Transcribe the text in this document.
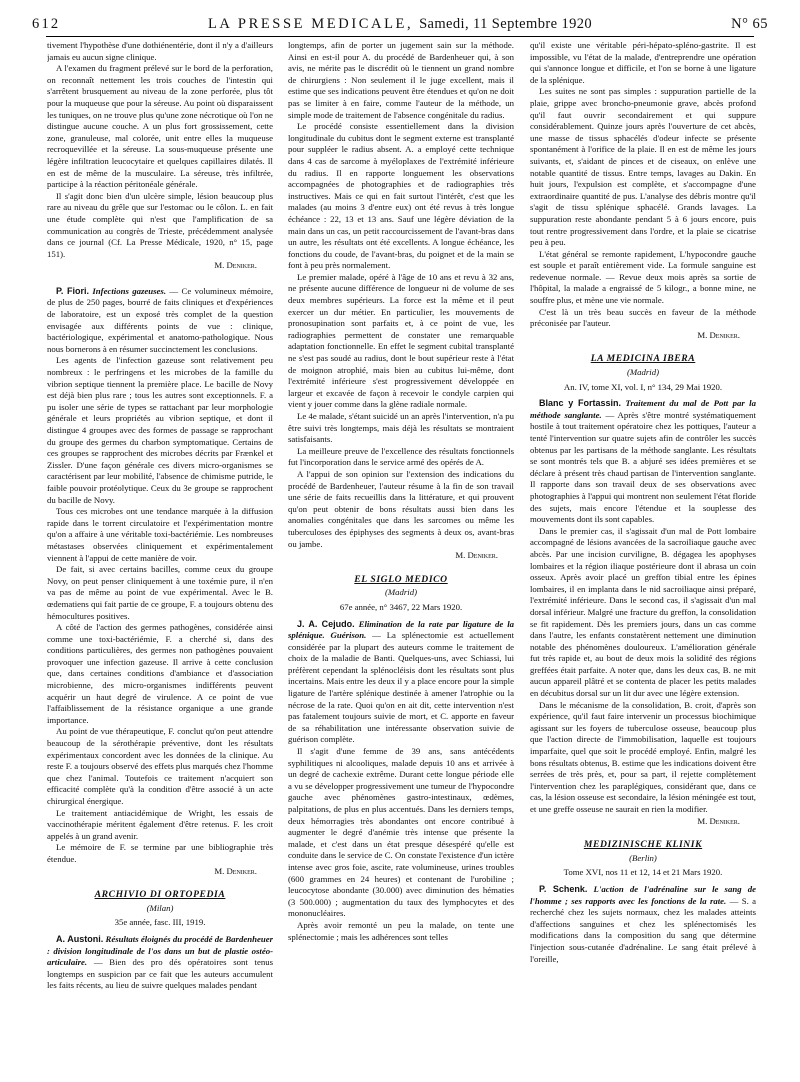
612	LA PRESSE MEDICALE, Samedi, 11 Septembre 1920	N° 65

tivement l'hypothèse d'une dothiénentérie, dont il n'y a d'ailleurs jamais eu aucun signe clinique.

A l'examen du fragment prélevé sur le bord de la perforation, on reconnaît nettement les trois couches de l'intestin qui s'arrêtent brusquement au niveau de la zone perforée, plus tôt pour la muqueuse que pour la séreuse. Au point où disparaissent les tuniques, on ne trouve plus qu'une zone nécrotique où l'on ne distingue aucune couche. A un plus fort grossissement, cette zone, granuleuse, mal colorée, unit entre elles la muqueuse recroquevillée et la séreuse. La sous-muqueuse présente une légère infiltration leucocytaire et quelques capillaires dilatés. Il en est de même de la musculaire. La séreuse, très infiltrée, participe à la réaction péritonéale générale.

Il s'agit donc bien d'un ulcère simple, lésion beaucoup plus rare au niveau du grêle que sur l'estomac ou le côlon. L. en fait une étude complète qui n'est que l'amplification de sa communication au congrès de Trieste, précédemment analysée dans ce journal (Cf. La Presse Médicale, 1920, n° 15, page 151).

M. Deniker.

P. Fiori. Infections gazeuses. — Ce volumineux mémoire, de plus de 250 pages, bourré de faits cliniques et d'expériences de laboratoire, est un exposé très complet de la question envisagée aux différents points de vue : clinique, bactériologique, expérimental et anatomo-pathologique. Nous nous bornerons à en résumer succinctement les conclusions.

Les agents de l'infection gazeuse sont relativement peu nombreux : le perfringens et les microbes de la famille du vibrion septique tiennent la première place. Le bacille de Novy est déjà bien plus rare ; tous les autres sont exceptionnels. F. a pu isoler une série de types se rattachant par leur morphologie générale et leurs propriétés au vibrion septique, et dont il distingue 4 groupes avec des formes de passage se rapprochant du groupe des germes du charbon symptomatique. Certains de ces groupes se rapprochent des microbes décrits par Frænkel et Zissler. D'une façon générale ces divers micro-organismes se caractérisent par leur mobilité, l'absence de chimisme putride, le faible pouvoir protéolytique. Ceux du 3e groupe se rapprochent du bacille de Novy.

Tous ces microbes ont une tendance marquée à la diffusion rapide dans le torrent circulatoire et l'expérimentation montre qu'on a affaire à une véritable toxi-bactériémie. Les nombreuses métastases observées cliniquement et expérimentalement viennent à l'appui de cette manière de voir.

De fait, si avec certains bacilles, comme ceux du groupe Novy, on peut penser cliniquement à une toxémie pure, il n'en va pas de même au point de vue expérimental. Avec le B. œdematiens qui fait partie de ce groupe, F. a toujours obtenu des hémocultures positives.

A côté de l'action des germes pathogènes, considérée ainsi comme une toxi-bactériémie, F. a cherché si, dans des conditions particulières, des germes non pathogènes pouvaient provoquer une infection gazeuse. Il arrive à cette conclusion que, dans certaines conditions d'ambiance et d'association microbienne, des micro-organismes indifférents peuvent acquérir un haut degré de virulence. A ce point de vue l'affaiblissement de la résistance organique a une grande importance.

Au point de vue thérapeutique, F. conclut qu'on peut attendre beaucoup de la sérothérapie préventive, dont les résultats expérimentaux concordent avec les données de la clinique. Au reste F. a toujours observé des effets plus marqués chez l'homme que chez l'animal. Toutefois ce traitement n'acquiert son efficacité complète qu'à la condition d'être associé à un acte chirurgical énergique.

Le traitement antiacidémique de Wright, les essais de vaccinothérapie méritent également d'être retenus. F. les croit appelés à un grand avenir.

Le mémoire de F. se termine par une bibliographie très étendue.

M. Deniker.
ARCHIVIO DI ORTOPEDIA
(Milan)
35e année, fasc. III, 1919.

A. Austoni. Résultats éloignés du procédé de Bardenheuer : division longitudinale de l'os dans un but de plastie ostéo-articulaire. — Bien des pro dés opératoires sont tenus longtemps en suspicion par ce fait que les auteurs accumulent les faits récents, au lieu de suivre quelques malades pendant

longtemps, afin de porter un jugement sain sur la méthode. Ainsi en est-il pour A. du procédé de Bardenheuer qui, à son avis, ne mérite pas le discrédit où le tiennent un grand nombre de chirurgiens : Non seulement il le juge excellent, mais il estime que ses indications peuvent être étendues et qu'on ne doit pas se limiter à en faire, comme l'auteur de la méthode, un simple mode de traitement de l'absence congénitale du radius.

Le procédé consiste essentiellement dans la division longitudinale du cubitus dont le segment externe est transplanté pour suppléer le radius absent. A. a employé cette technique dans 4 cas de sarcome à myéloplaxes de l'extrémité inférieure du radius. Il en rapporte longuement les observations accompagnées de photographies et de radiographies très instructives. Mais ce qui en fait surtout l'intérêt, c'est que les malades (au moins 3 d'entre eux) ont été revus à très longue échéance : 22, 13 et 13 ans. Sauf une légère déviation de la main dans un cas, un petit raccourcissement de l'avant-bras dans un autre, les résultats ont été excellents. A longue échéance, les fonctions du coude, de l'avant-bras, du poignet et de la main se font à peu près normalement.

Le premier malade, opéré à l'âge de 10 ans et revu à 32 ans, ne présente aucune différence de longueur ni de volume de ses deux membres supérieurs. La force est la même et il peut exercer un dur métier. En particulier, les mouvements de pronosupination sont parfaits et, à ce point de vue, les radiographies permettent de constater une remarquable adaptation fonctionnelle. En effet le segment cubital transplanté ne s'est pas soudé au radius, dont le bout supérieur reste à l'état de moignon atrophié, mais bien au cubitus lui-même, dont l'extrémité inférieure s'est progressivement développée en largeur et excavée de façon à recevoir le condyle carpien qui vient y jouer comme dans la glène radiale normale.

Le 4e malade, s'étant suicidé un an après l'intervention, n'a pu être suivi très longtemps, mais déjà les résultats se montraient satisfaisants.

La meilleure preuve de l'excellence des résultats fonctionnels fut l'incorporation dans le service armé des opérés de A.

A l'appui de son opinion sur l'extension des indications du procédé de Bardenheuer, l'auteur résume à la fin de son travail une série de faits recueillis dans la littérature, et qui prouvent qu'on peut obtenir de bons résultats aussi bien dans les anomalies congénitales que dans les sarcomes ou même les tuberculoses des épiphyses des segments à deux os, avant-bras ou jambe.

M. Deniker.
EL SIGLO MEDICO
(Madrid)
67e année, n° 3467, 22 Mars 1920.

J. A. Cejudo. Elimination de la rate par ligature de la splénique. Guérison. — La splénectomie est actuellement considérée par la plupart des auteurs comme le traitement de choix de la maladie de Banti. Quelques-uns, avec Schiassi, lui préfèrent cependant la splénocléisis dont les résultats sont plus incertains. Mais entre les deux il y a place encore pour la simple ligature de l'artère splénique destinée à amener l'atrophie ou la nécrose de la rate. Quoi qu'on en ait dit, cette intervention n'est pas fatalement toujours suivie de mort, et C. apporte en faveur de sa réhabilitation une intéressante observation suivie de guérison complète.

Il s'agit d'une femme de 39 ans, sans antécédents syphilitiques ni alcooliques, malade depuis 10 ans et arrivée à un degré de cachexie extrême. Durant cette longue période elle a vu se développer progressivement une tumeur de l'hypocondre gauche avec phénomènes gastro-intestinaux, œdèmes, palpitations, de plus en plus accentués. Dans les derniers temps, deux hémorragies très abondantes ont encore contribué à augmenter le degré d'anémie très intense que présente la malade, et c'est dans un état presque désespéré qu'elle est conduite dans le service de C. On constate l'existence d'un ictère intense avec gros foie, ascite, rate volumineuse, urines troubles (600 grammes en 24 heures) et contenant de l'urobiline ; leucocytose abondante (30.000) avec diminution des hématies (3 500.000) ; augmentation du taux des lymphocytes et des mononucléaires.

Après avoir remonté un peu la malade, on tente une splénectomie ; mais les adhérences sont telles

qu'il existe une véritable péri-hépato-spléno-gastrite. Il est impossible, vu l'état de la malade, d'entreprendre une opération qui s'annonce longue et difficile, et l'on se borne à une ligature de la splénique.

Les suites ne sont pas simples : suppuration partielle de la plaie, grippe avec broncho-pneumonie grave, abcès profond qu'il faut ouvrir secondairement et qui suppure considérablement. Quinze jours après l'ouverture de cet abcès, une masse de tissus sphacélés d'odeur infecte se présente spontanément à l'orifice de la plaie. Il en est de même les jours suivants, et, s'aidant de pinces et de ciseaux, on enlève une notable quantité de tissus. Entre temps, lavages au Dakin. En huit jours, l'expulsion est complète, et s'accompagne d'une extraordinaire quantité de pus. L'analyse des débris montre qu'il s'agit de tissu splénique sphacélé. Grands lavages. La suppuration reste abondante pendant 5 à 6 jours encore, puis tout rentre progressivement dans l'ordre, et la plaie se cicatrise peu à peu.

L'état général se remonte rapidement, L'hypocondre gauche est souple et paraît entièrement vide. La formule sanguine est redevenue normale. — Revue deux mois après sa sortie de l'hôpital, la malade a engraissé de 5 kilogr., a bonne mine, ne souffre plus, et mène une vie normale.

C'est là un très beau succès en faveur de la méthode préconisée par l'auteur.

M. Deniker.
LA MEDICINA IBERA
(Madrid)
An. IV, tome XI, vol. I, n° 134, 29 Mai 1920.

Blanc y Fortassin. Traitement du mal de Pott par la méthode sanglante. — Après s'être montré systématiquement hostile à tout traitement opératoire chez les pottiques, l'auteur a tenté l'intervention sur quatre sujets afin de contrôler les succès obtenus par les partisans de la méthode sanglante. Les résultats se sont montrés tels que B. a abjuré ses idées premières et se déclare à présent très chaud partisan de l'intervention sanglante. Il rapporte dans son travail deux de ses observations avec photographies à l'appui qui montrent non seulement l'état floride des sujets, mais encore l'étendue et la souplesse des mouvements dont ils sont capables.

Dans le premier cas, il s'agissait d'un mal de Pott lombaire accompagné de lésions avancées de la sacroiliaque gauche avec abcès. Par une incision curviligne, B. dégagea les apophyses lombaires et la région iliaque postérieure dont il abrasa un coin osseux. Après avoir placé un greffon tibial entre les épines lombaires, il en implanta dans le nid sacroiliaque ainsi préparé, l'extrémité inférieure. Dans le second cas, il s'agissait d'un mal dorsal inférieur. Malgré une fracture du greffon, la consolidation se fit rapidement. Dès les premiers jours, dans un cas comme dans l'autre, les enfants constatèrent nettement une diminution notable des phénomènes douloureux. L'amélioration générale fut très rapide et, au bout de deux mois la solidité des régions greffées était parfaite. A noter que, dans les deux cas, B. ne mit aucun appareil plâtré et se contenta de placer les petits malades en décubitus dorsal sur un lit dur avec une légère extension.

Dans le mécanisme de la consolidation, B. croit, d'après son expérience, qu'il faut faire intervenir un processus biochimique agissant sur les foyers de tuberculose osseuse, beaucoup plus que l'action directe de l'immobilisation, laquelle est toujours imparfaite, quel que soit le procédé employé. Enfin, malgré les bons résultats obtenus, B. estime que les indications doivent être serrées de très près, et, pour sa part, il rejette complètement l'intervention chez les paraplégiques, considérant que, dans ce cas, la lésion osseuse est secondaire, la lésion méningée est tout, et une greffe osseuse ne saurait en rien la modifier.

M. Deniker.
MEDIZINISCHE KLINIK
(Berlin)
Tome XVI, nos 11 et 12, 14 et 21 Mars 1920.

P. Schenk. L'action de l'adrénaline sur le sang de l'homme ; ses rapports avec les fonctions de la rate. — S. a recherché chez les sujets normaux, chez les malades atteints d'affections sanguines et chez les splénectomisés les modifications dans la composition du sang que détermine l'injection sous-cutanée d'adrénaline. Le sang était prélevé à l'oreille,
